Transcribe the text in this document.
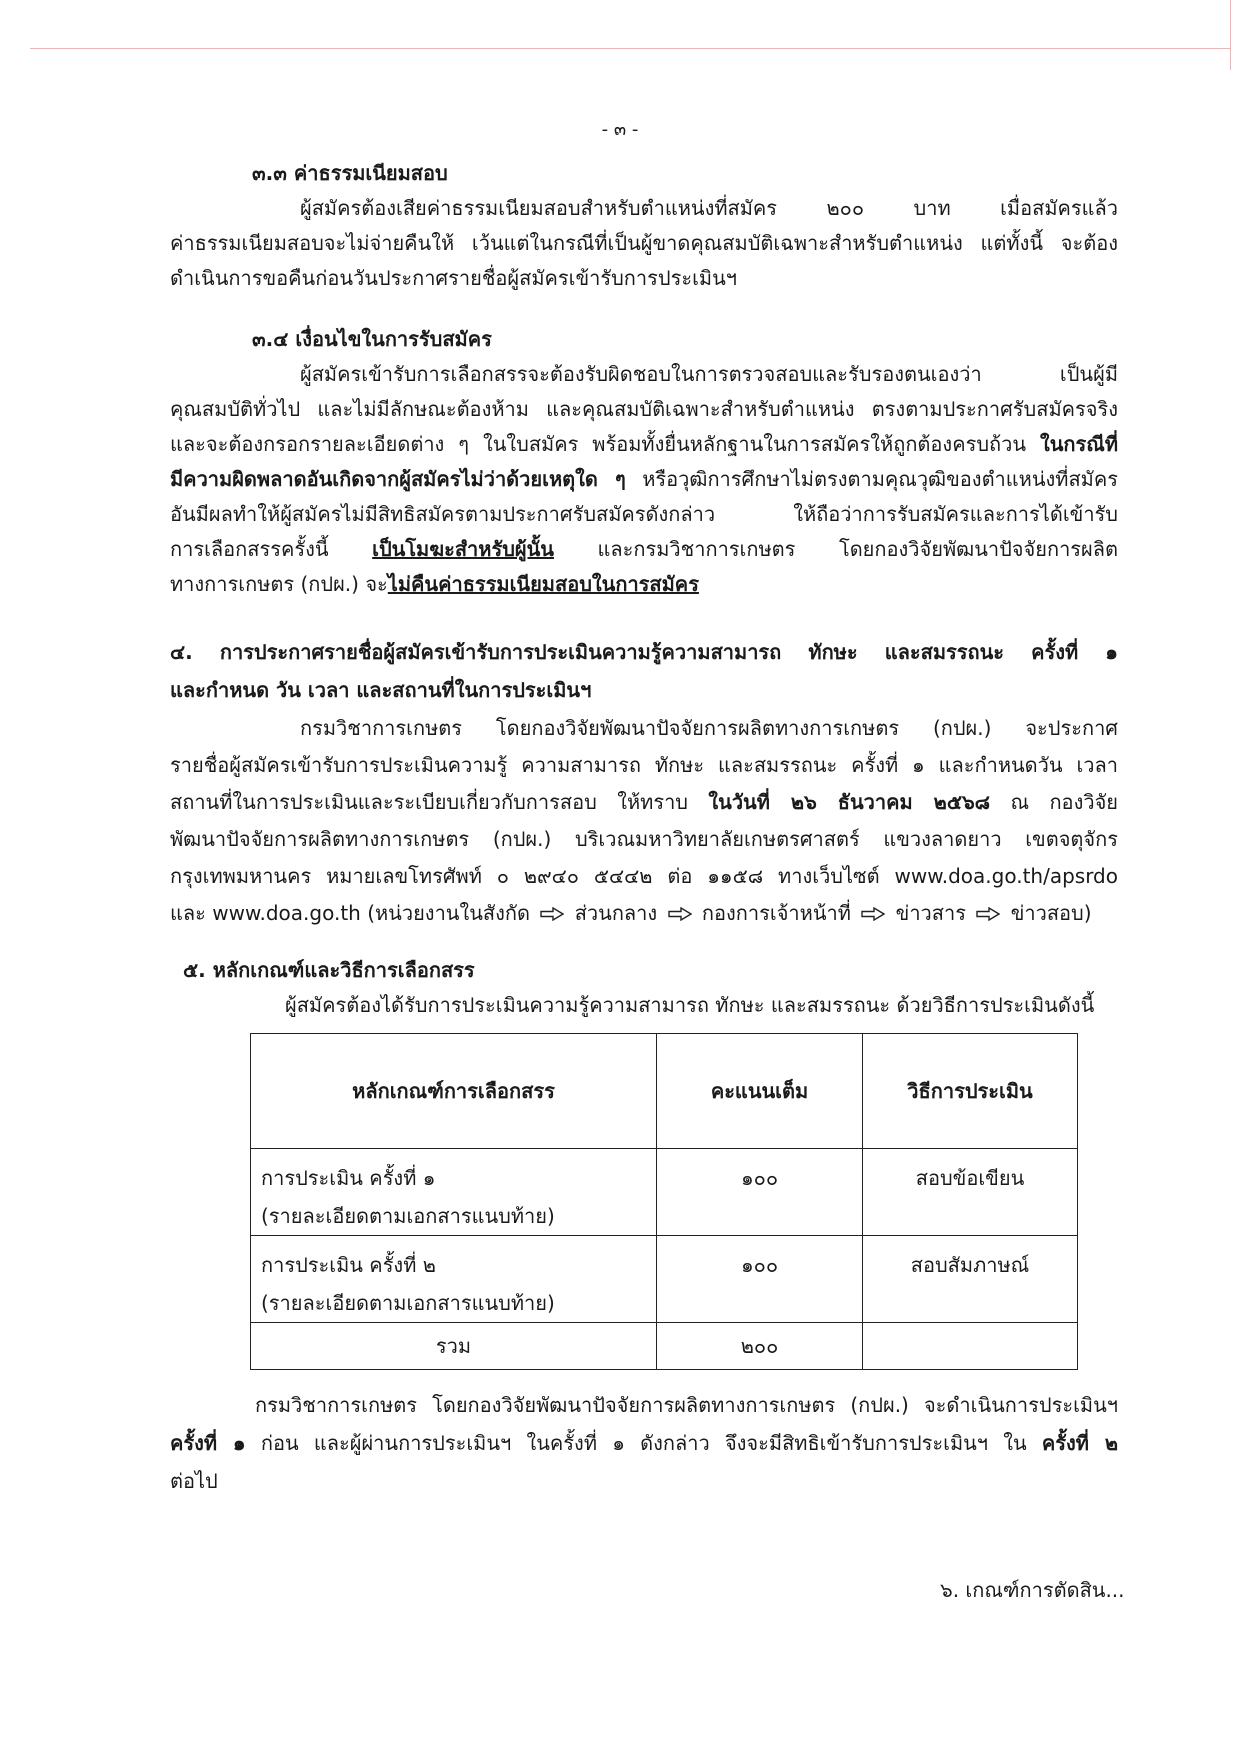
- ๓ -
๓.๓ ค่าธรรมเนียมสอบ
ผู้สมัครต้องเสียค่าธรรมเนียมสอบสำหรับตำแหน่งที่สมัคร ๒๐๐ บาท เมื่อสมัครแล้ว
ค่าธรรมเนียมสอบจะไม่จ่ายคืนให้ เว้นแต่ในกรณีที่เป็นผู้ขาดคุณสมบัติเฉพาะสำหรับตำแหน่ง แต่ทั้งนี้ จะต้อง
ดำเนินการขอคืนก่อนวันประกาศรายชื่อผู้สมัครเข้ารับการประเมินฯ
๓.๔ เงื่อนไขในการรับสมัคร
ผู้สมัครเข้ารับการเลือกสรรจะต้องรับผิดชอบในการตรวจสอบและรับรองตนเองว่า เป็นผู้มี
คุณสมบัติทั่วไป และไม่มีลักษณะต้องห้าม และคุณสมบัติเฉพาะสำหรับตำแหน่ง ตรงตามประกาศรับสมัครจริง
และจะต้องกรอกรายละเอียดต่าง ๆ ในใบสมัคร พร้อมทั้งยื่นหลักฐานในการสมัครให้ถูกต้องครบถ้วน ในกรณีที่
มีความผิดพลาดอันเกิดจากผู้สมัครไม่ว่าด้วยเหตุใด ๆ หรือวุฒิการศึกษาไม่ตรงตามคุณวุฒิของตำแหน่งที่สมัคร
อันมีผลทำให้ผู้สมัครไม่มีสิทธิสมัครตามประกาศรับสมัครดังกล่าว ให้ถือว่าการรับสมัครและการได้เข้ารับ
การเลือกสรรครั้งนี้ เป็นโมฆะสำหรับผู้นั้น และกรมวิชาการเกษตร โดยกองวิจัยพัฒนาปัจจัยการผลิต
ทางการเกษตร (กปผ.) จะไม่คืนค่าธรรมเนียมสอบในการสมัคร
๔. การประกาศรายชื่อผู้สมัครเข้ารับการประเมินความรู้ความสามารถ ทักษะ และสมรรถนะ ครั้งที่ ๑
และกำหนด วัน เวลา และสถานที่ในการประเมินฯ
กรมวิชาการเกษตร โดยกองวิจัยพัฒนาปัจจัยการผลิตทางการเกษตร (กปผ.) จะประกาศ
รายชื่อผู้สมัครเข้ารับการประเมินความรู้ ความสามารถ ทักษะ และสมรรถนะ ครั้งที่ ๑ และกำหนดวัน เวลา
สถานที่ในการประเมินและระเบียบเกี่ยวกับการสอบ ให้ทราบ ในวันที่ ๒๖ ธันวาคม ๒๕๖๘ ณ กองวิจัย
พัฒนาปัจจัยการผลิตทางการเกษตร (กปผ.) บริเวณมหาวิทยาลัยเกษตรศาสตร์ แขวงลาดยาว เขตจตุจักร
กรุงเทพมหานคร หมายเลขโทรศัพท์ ๐ ๒๙๔๐ ๕๔๔๒ ต่อ ๑๑๕๘ ทางเว็บไซต์ www.doa.go.th/apsrdo
และ www.doa.go.th (หน่วยงานในสังกัด ส่วนกลาง กองการเจ้าหน้าที่ ข่าวสาร ข่าวสอบ)
๕. หลักเกณฑ์และวิธีการเลือกสรร
ผู้สมัครต้องได้รับการประเมินความรู้ความสามารถ ทักษะ และสมรรถนะ ด้วยวิธีการประเมินดังนี้
หลักเกณฑ์การเลือกสรร	คะแนนเต็ม	วิธีการประเมิน

การประเมิน ครั้งที่ ๑
(รายละเอียดตามเอกสารแนบท้าย)	๑๐๐	สอบข้อเขียน

การประเมิน ครั้งที่ ๒
(รายละเอียดตามเอกสารแนบท้าย)	๑๐๐	สอบสัมภาษณ์

รวม	๒๐๐	
กรมวิชาการเกษตร โดยกองวิจัยพัฒนาปัจจัยการผลิตทางการเกษตร (กปผ.) จะดำเนินการประเมินฯ
ครั้งที่ ๑ ก่อน และผู้ผ่านการประเมินฯ ในครั้งที่ ๑ ดังกล่าว จึงจะมีสิทธิเข้ารับการประเมินฯ ใน ครั้งที่ ๒
ต่อไป
๖. เกณฑ์การตัดสิน...
